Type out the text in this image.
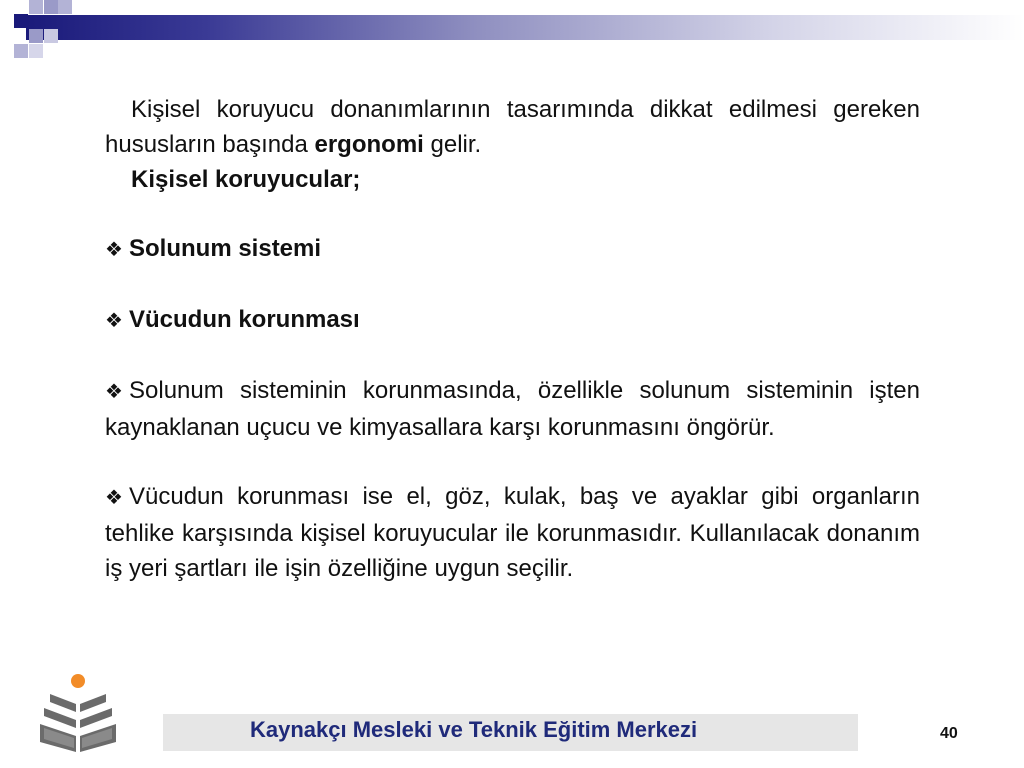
Kişisel koruyucu donanımlarının tasarımında dikkat edilmesi gereken hususların başında ergonomi gelir.

Kişisel koruyucular;

❖ Solunum sistemi

❖ Vücudun korunması

❖ Solunum sisteminin korunmasında, özellikle solunum sisteminin işten kaynaklanan uçucu ve kimyasallara karşı korunmasını öngörür.

❖ Vücudun korunması ise el, göz, kulak, baş ve ayaklar gibi organların tehlike karşısında kişisel koruyucular ile korunmasıdır. Kullanılacak donanım iş yeri şartları ile işin özelliğine uygun seçilir.

Kaynakçı Mesleki ve Teknik Eğitim Merkezi	40
